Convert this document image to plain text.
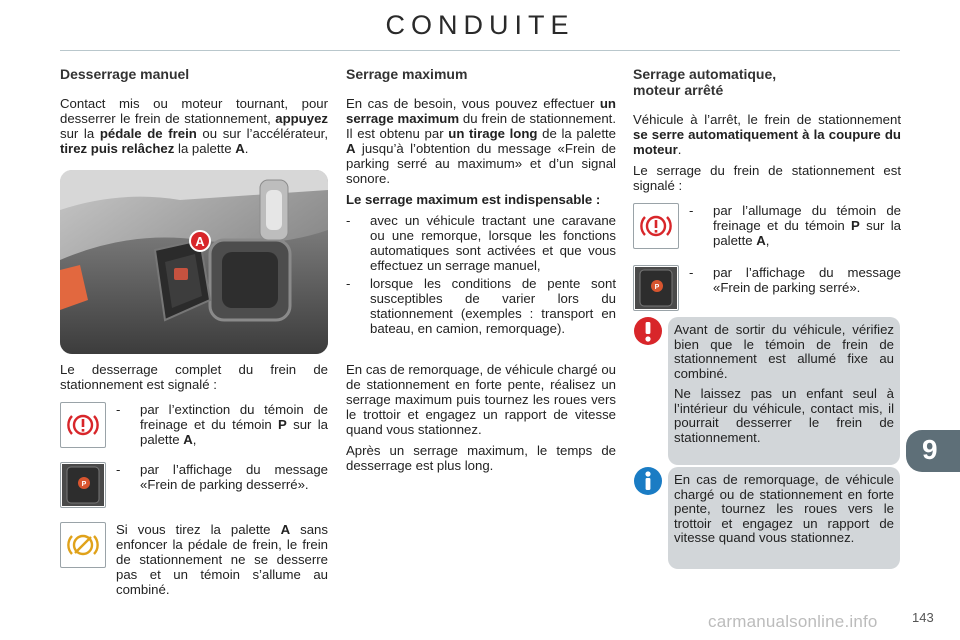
CONDUITE
Desserrage manuel

Contact mis ou moteur tournant, pour desserrer le frein de stationnement, appuyez sur la pédale de frein ou sur l’accélérateur, tirez puis relâchez la palette A.

A

Le desserrage complet du frein de stationnement est signalé :

- par l’extinction du témoin de freinage et du témoin P sur la palette A,
P
- par l’affichage du message «Frein de parking desserré».
Si vous tirez la palette A sans enfoncer la pédale de frein, le frein de stationnement ne se desserre pas et un témoin s’allume au combiné.
Serrage maximum

En cas de besoin, vous pouvez effectuer un serrage maximum du frein de stationnement. Il est obtenu par un tirage long de la palette A jusqu’à l’obtention du message «Frein de parking serré au maximum» et d’un signal sonore.

Le serrage maximum est indispensable :

- avec un véhicule tractant une caravane ou une remorque, lorsque les fonctions automatiques sont activées et que vous effectuez un serrage manuel,
- lorsque les conditions de pente sont susceptibles de varier lors du stationnement (exemples : transport en bateau, en camion, remorquage).

En cas de remorquage, de véhicule chargé ou de stationnement en forte pente, réalisez un serrage maximum puis tournez les roues vers le trottoir et engagez un rapport de vitesse quand vous stationnez.

Après un serrage maximum, le temps de desserrage est plus long.

Serrage automatique,
moteur arrêté

Véhicule à l’arrêt, le frein de stationnement se serre automatiquement à la coupure du moteur.

Le serrage du frein de stationnement est signalé :

- par l’allumage du témoin de freinage et du témoin P sur la palette A,
P
- par l’affichage du message «Frein de parking serré».

Avant de sortir du véhicule, vérifiez bien que le témoin de frein de stationnement est allumé fixe au combiné.

Ne laissez pas un enfant seul à l’intérieur du véhicule, contact mis, il pourrait desserrer le frein de stationnement.

En cas de remorquage, de véhicule chargé ou de stationnement en forte pente, tournez les roues vers le trottoir et engagez un rapport de vitesse quand vous stationnez.

9
carmanualsonline.info	143
